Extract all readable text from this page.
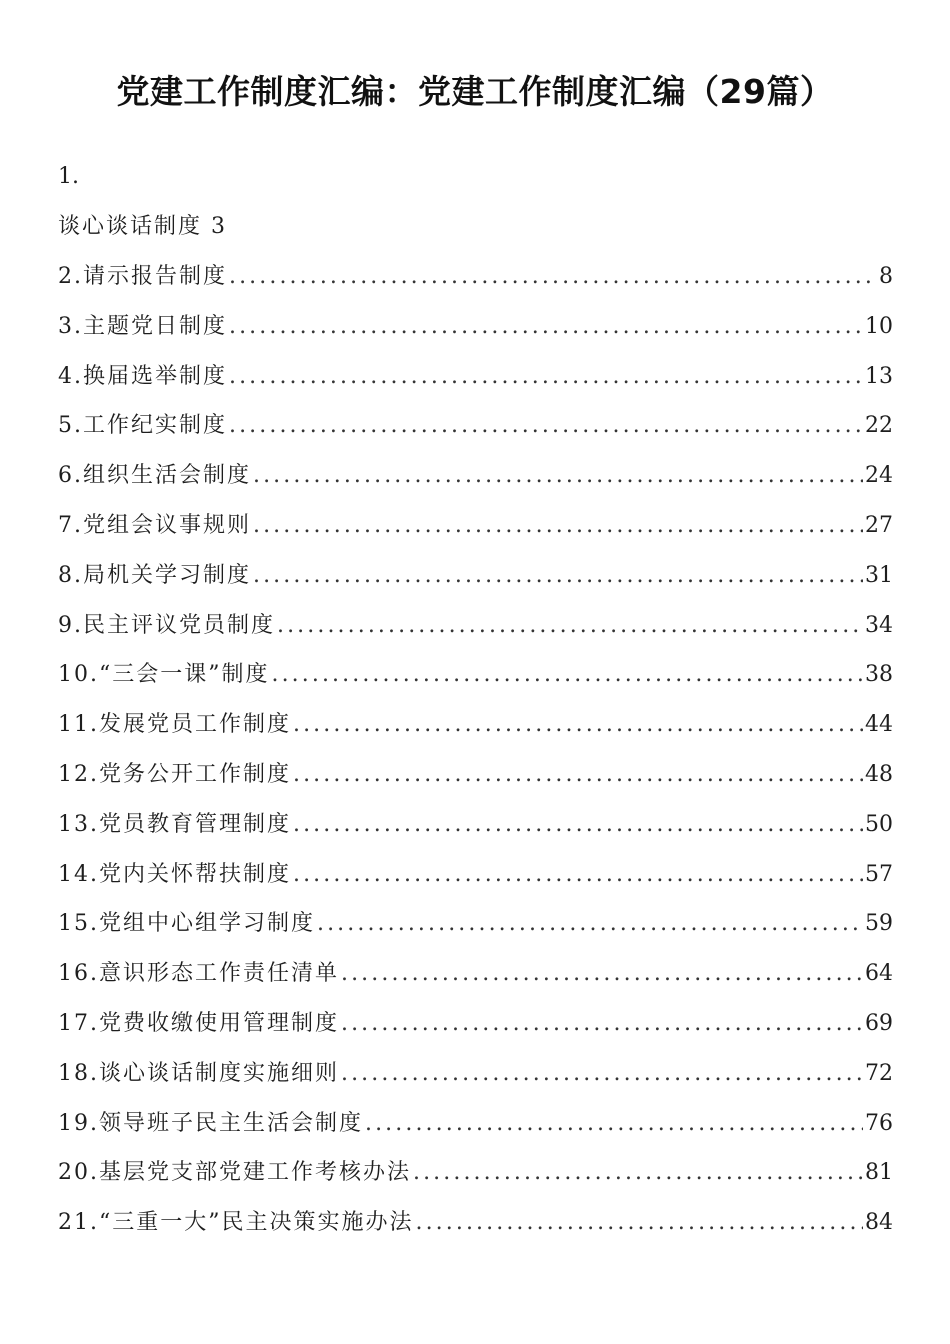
党建工作制度汇编：党建工作制度汇编（29篇）
1.
谈心谈话制度 3
2.请示报告制度 .....	8
3.主题党日制度 .....	10
4.换届选举制度 .....	13
5.工作纪实制度 .....	22
6.组织生活会制度 .....	24
7.党组会议事规则 .....	27
8.局机关学习制度 .....	31
9.民主评议党员制度 .....	34
10.“三会一课”制度 .....	38
11.发展党员工作制度 .....	44
12.党务公开工作制度 .....	48
13.党员教育管理制度 .....	50
14.党内关怀帮扶制度 .....	57
15.党组中心组学习制度 .....	59
16.意识形态工作责任清单 .....	64
17.党费收缴使用管理制度 .....	69
18.谈心谈话制度实施细则 .....	72
19.领导班子民主生活会制度 .....	76
20.基层党支部党建工作考核办法 .....	81
21.“三重一大”民主决策实施办法 .....	84
